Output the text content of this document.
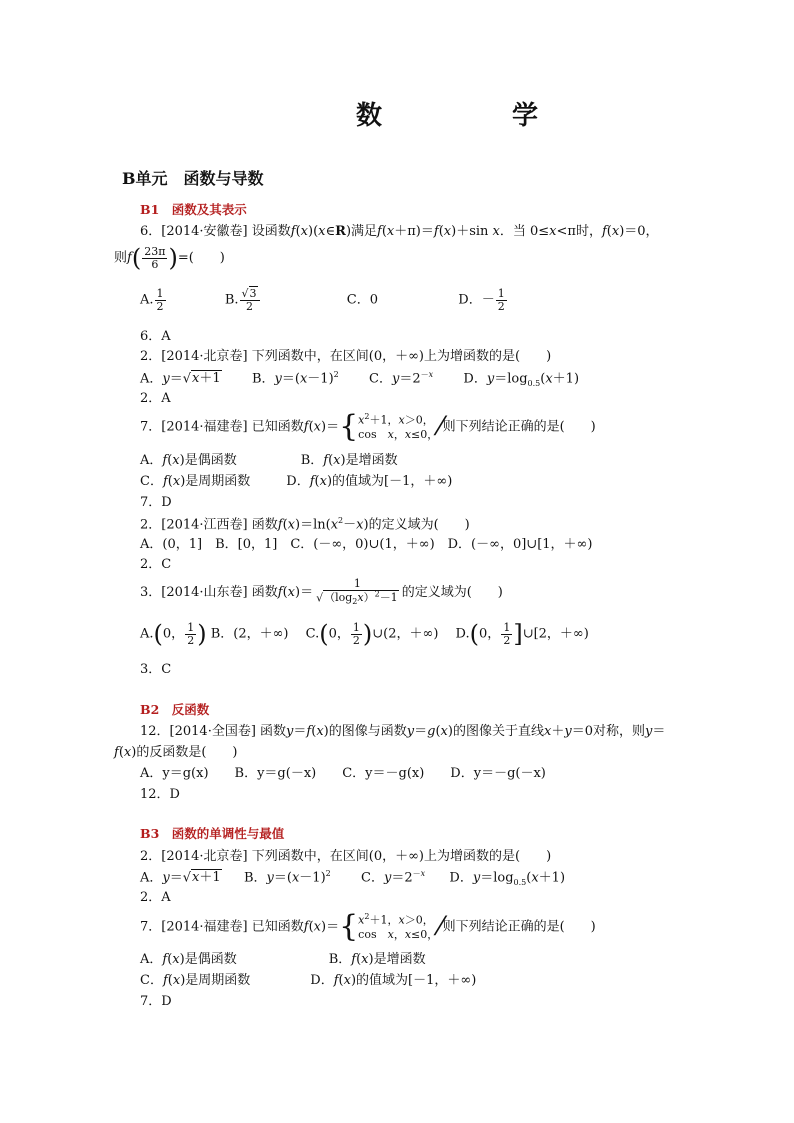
数　学
B单元　函数与导数
B1　 函数及其表示
6．[2014·安徽卷] 设函数f(x)(x∈R)满足f(x＋π)＝f(x)＋sin x．当 0≤x<π时，f(x)＝0，
则$f( \frac{23\pi}{6}$ )=(　　)
A. $\frac{1}{2}$	B. $\frac{√3}{2}$	C．0	D．－ $\frac{1}{2}$
6．A
2．[2014·北京卷] 下列函数中，在区间(0，＋∞)上为增函数的是(　　)
A．y＝√x＋1 B．$y=(x-1)^2$ C．$y=2^{-x}$ D．$y=\log_{0.5}(x+1)$
2．A
7．[2014·福建卷] 已知函数f(x)＝{ $x^2+1$，x＞0，
cos　x，x≤0， ⁄则下列结论正确的是(　　)
A．f(x)是偶函数	B．f(x)是增函数
C．f(x)是周期函数	D．f(x)的值域为[－1，＋∞)
7．D
2．[2014·江西卷] 函数$f(x)=\ln(x^2-x)$的定义域为(　　)
A．(0，1]　B．[0，1]　C．(－∞，0)∪(1，＋∞)　D．(－∞，0]∪[1，＋∞)
2．C
3．[2014·山东卷] 函数$f(x)= \frac{1}{√(\log_2x)^2-1}$ 的定义域为(　　)
A.(0， $\frac{1}{2}$ ) B．(2，＋∞)　 C.(0， $\frac{1}{2}$ )∪(2，＋∞)　 D.(0， $\frac{1}{2}$ ]∪[2，＋∞)
3．C
B2　 反函数
12．[2014·全国卷] 函数y＝f(x)的图像与函数y＝g(x)的图像关于直线x＋y＝0对称，则y＝
f(x)的反函数是(　　)
A．y＝g(x)　　B．y＝g(－x)　　C．y＝－g(x)　　D．y＝－g(－x)
12．D
B3　 函数的单调性与最值
2．[2014·北京卷] 下列函数中，在区间(0，＋∞)上为增函数的是(　　)
A．y＝√x＋1 B．$y=(x-1)^2$ C．$y=2^{-x}$ D．$y=\log_{0.5}(x+1)$
2．A
7．[2014·福建卷] 已知函数f(x)＝{ $x^2+1$，x＞0，
cos　x，x≤0， ⁄则下列结论正确的是(　　)
A．f(x)是偶函数	B．f(x)是增函数
C．f(x)是周期函数	D．f(x)的值域为[－1，＋∞)
7．D
